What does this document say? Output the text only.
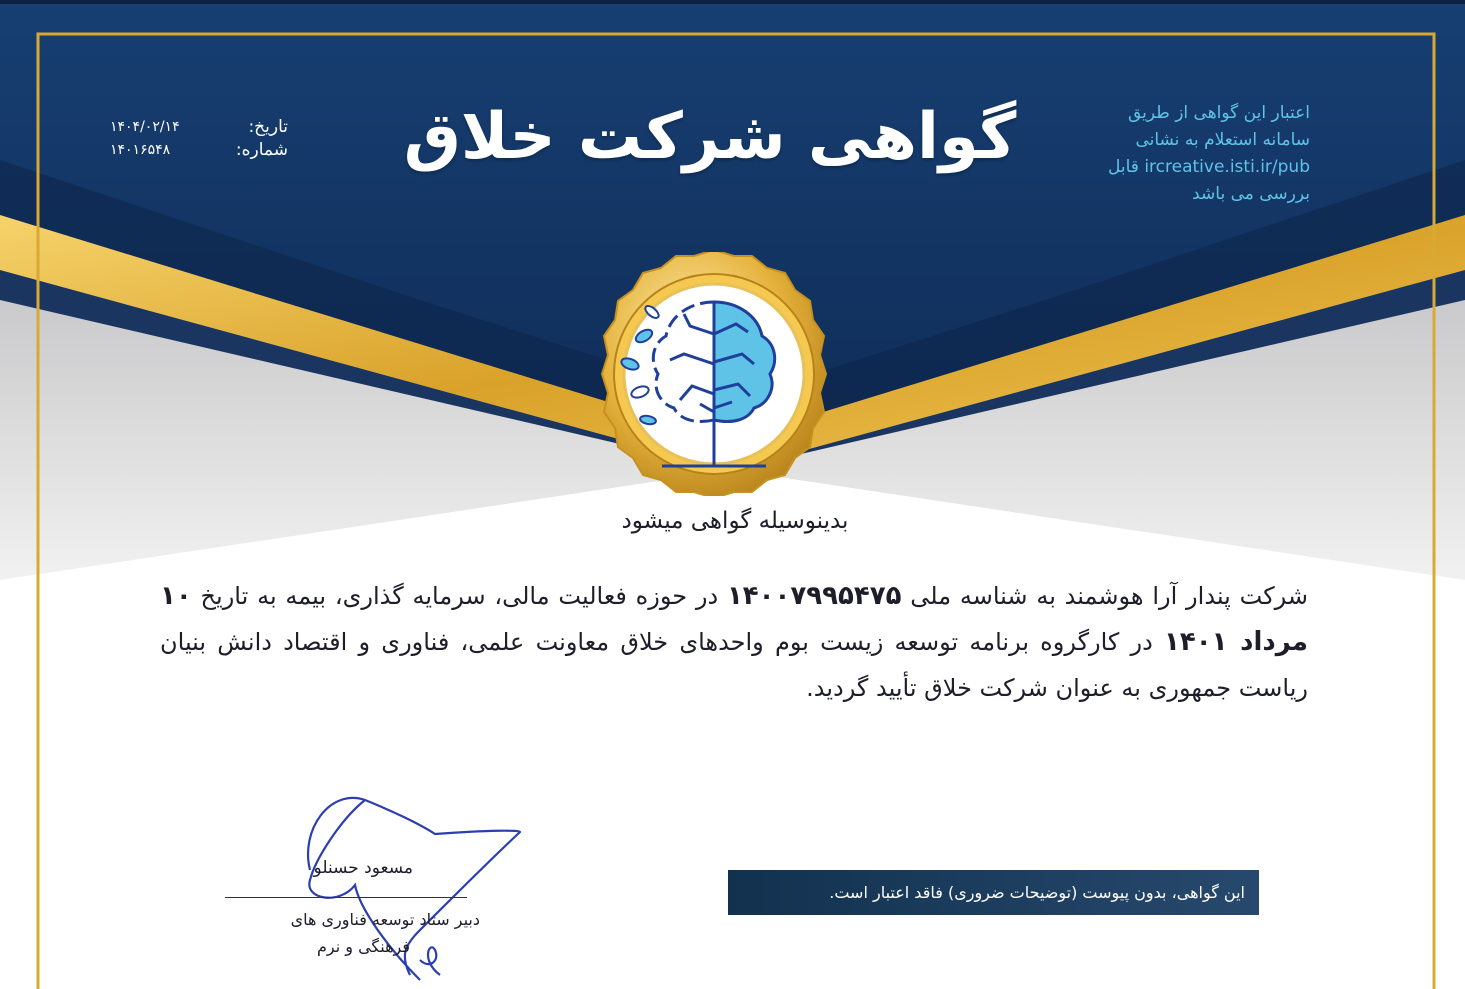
گواهی شرکت خلاق	اعتبار این گواهی از طریق
سامانه استعلام به نشانی
ircreative.isti.ir/pub قابل
بررسی می باشد
تاریخ:
۱۴۰۴/۰۲/۱۴
شماره:
۱۴۰۱۶۵۴۸
بدینوسیله گواهی میشود
شرکت پندار آرا هوشمند به شناسه ملی ۱۴۰۰۷۹۹۵۴۷۵ در حوزه فعالیت مالی، سرمایه گذاری، بیمه به تاریخ ۱۰ مرداد ۱۴۰۱ در کارگروه برنامه توسعه زیست بوم واحدهای خلاق معاونت علمی، فناوری و اقتصاد دانش بنیان ریاست جمهوری به عنوان شرکت خلاق تأیید گردید.
این گواهی، بدون پیوست (توضیحات ضروری) فاقد اعتبار است.
مسعود حسنلو
دبیر ستاد توسعه فناوری های
فرهنگی و نرم
